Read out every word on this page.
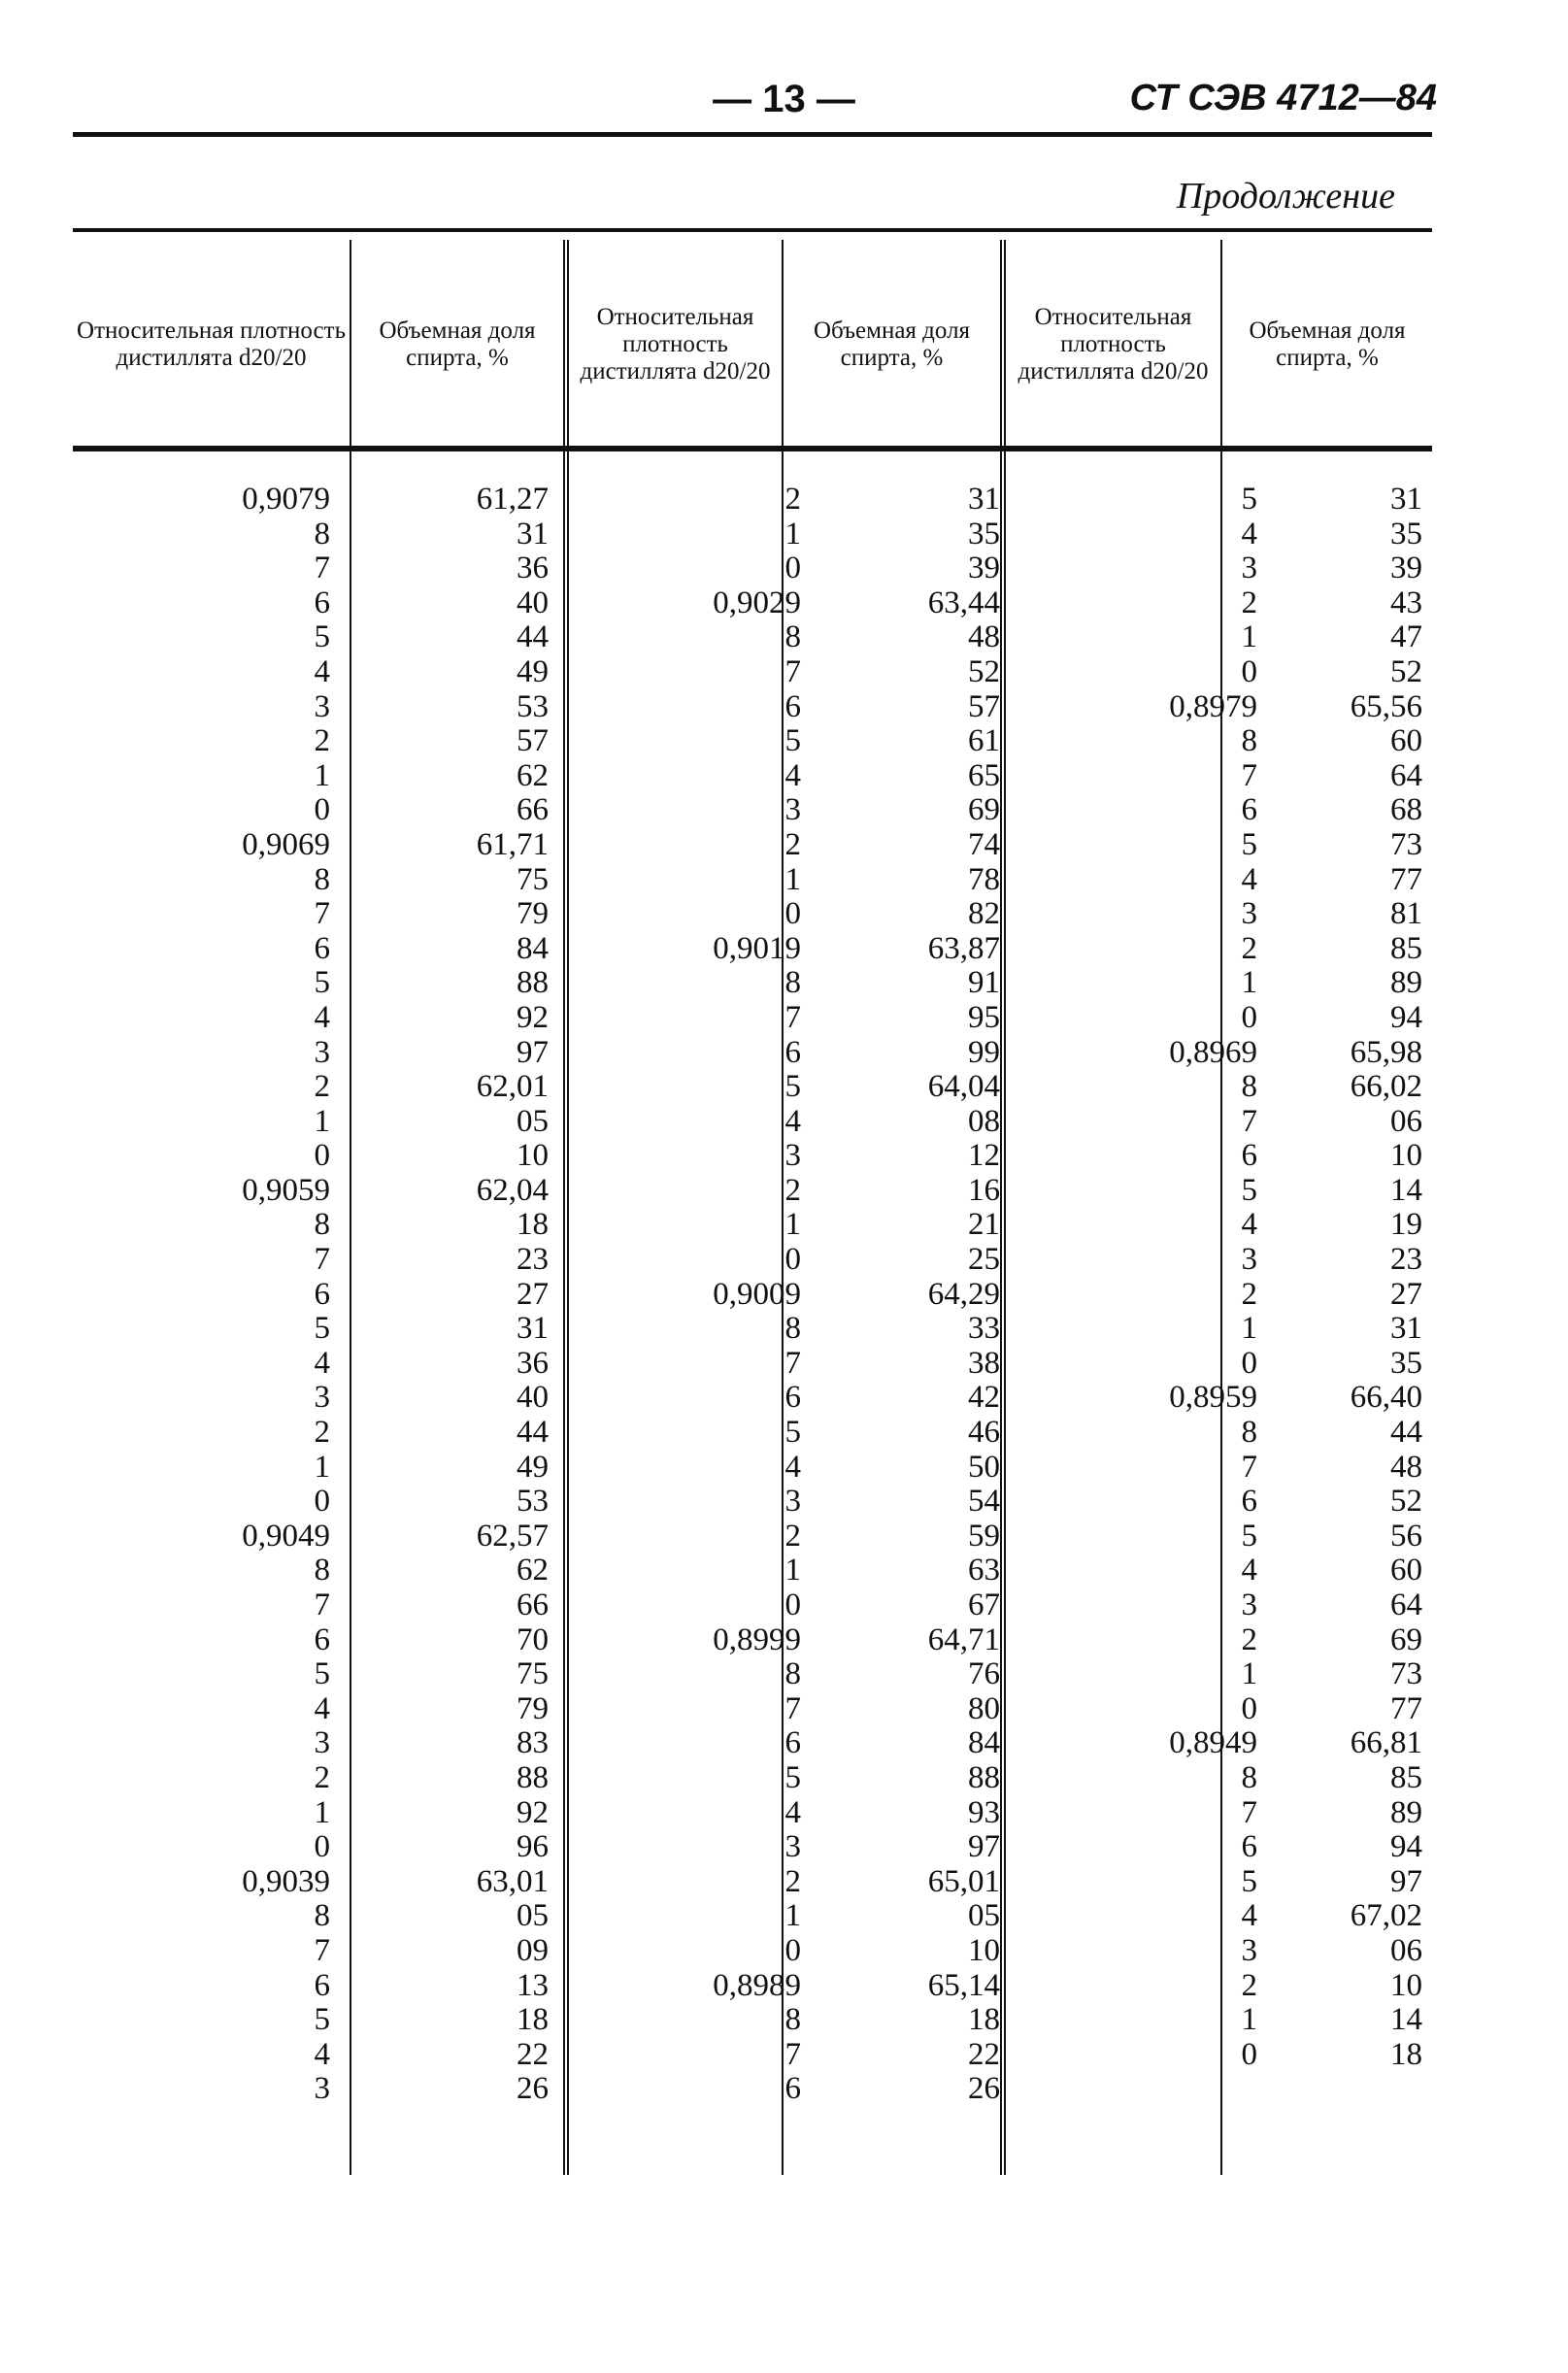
— 13 —	СТ СЭВ 4712—84
Продолжение
Относительная плотность дистиллята d20/20
Объемная доля спирта, %
Относительная плотность дистиллята d20/20
Объемная доля спирта, %
Относительная плотность дистиллята d20/20
Объемная доля спирта, %
0,9079
8
7
6
5
4
3
2
1
0
0,9069
8
7
6
5
4
3
2
1
0
0,9059
8
7
6
5
4
3
2
1
0
0,9049
8
7
6
5
4
3
2
1
0
0,9039
8
7
6
5
4
3
61,27
31
36
40
44
49
53
57
62
66
61,71
75
79
84
88
92
97
62,01
05
10
62,04
18
23
27
31
36
40
44
49
53
62,57
62
66
70
75
79
83
88
92
96
63,01
05
09
13
18
22
26
2
1
0
0,9029
8
7
6
5
4
3
2
1
0
0,9019
8
7
6
5
4
3
2
1
0
0,9009
8
7
6
5
4
3
2
1
0
0,8999
8
7
6
5
4
3
2
1
0
0,8989
8
7
6
31
35
39
63,44
48
52
57
61
65
69
74
78
82
63,87
91
95
99
64,04
08
12
16
21
25
64,29
33
38
42
46
50
54
59
63
67
64,71
76
80
84
88
93
97
65,01
05
10
65,14
18
22
26
5
4
3
2
1
0
0,8979
8
7
6
5
4
3
2
1
0
0,8969
8
7
6
5
4
3
2
1
0
0,8959
8
7
6
5
4
3
2
1
0
0,8949
8
7
6
5
4
3
2
1
0
31
35
39
43
47
52
65,56
60
64
68
73
77
81
85
89
94
65,98
66,02
06
10
14
19
23
27
31
35
66,40
44
48
52
56
60
64
69
73
77
66,81
85
89
94
97
67,02
06
10
14
18
